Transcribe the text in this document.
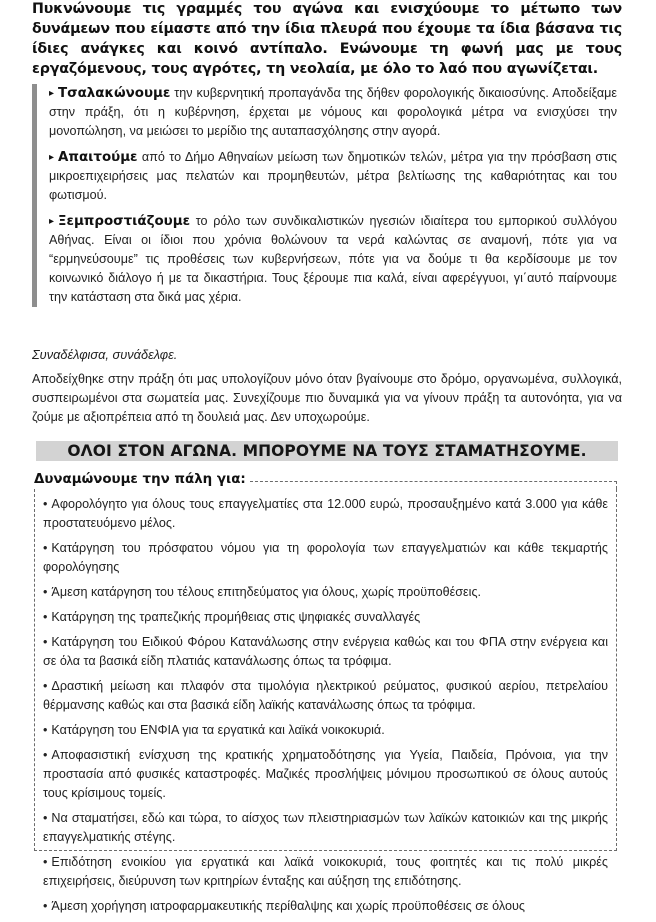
Πυκνώνουμε τις γραμμές του αγώνα και ενισχύουμε το μέτωπο των δυνάμεων που είμαστε από την ίδια πλευρά που έχουμε τα ίδια βάσανα τις ίδιες ανάγκες και κοινό αντίπαλο. Ενώνουμε τη φωνή μας με τους εργαζόμενους, τους αγρότες, τη νεολαία, με όλο το λαό που αγωνίζεται.

▸ Τσαλακώνουμε την κυβερνητική προπαγάνδα της δήθεν φορολογικής δικαιοσύνης. Αποδείξαμε στην πράξη, ότι η κυβέρνηση, έρχεται με νόμους και φορολογικά μέτρα να ενισχύσει την μονοπώληση, να μειώσει το μερίδιο της αυταπασχόλησης στην αγορά.

▸ Απαιτούμε από το Δήμο Αθηναίων μείωση των δημοτικών τελών, μέτρα για την πρόσβαση στις μικροεπιχειρήσεις μας πελατών και προμηθευτών, μέτρα βελτίωσης της καθαριότητας και του φωτισμού.

▸ Ξεμπροστιάζουμε το ρόλο των συνδικαλιστικών ηγεσιών ιδιαίτερα του εμπορικού συλλόγου Αθήνας. Είναι οι ίδιοι που χρόνια θολώνουν τα νερά καλώντας σε αναμονή, πότε για να “ερμηνεύσουμε” τις προθέσεις των κυβερνήσεων, πότε για να δούμε τι θα κερδίσουμε με τον κοινωνικό διάλογο ή με τα δικαστήρια. Τους ξέρουμε πια καλά, είναι αφερέγγυοι, γι΄αυτό παίρνουμε την κατάσταση στα δικά μας χέρια.

Συναδέλφισα, συνάδελφε.

Αποδείχθηκε στην πράξη ότι μας υπολογίζουν μόνο όταν βγαίνουμε στο δρόμο, οργανωμένα, συλλογικά, συσπειρωμένοι στα σωματεία μας. Συνεχίζουμε πιο δυναμικά για να γίνουν πράξη τα αυτονόητα, για να ζούμε με αξιοπρέπεια από τη δουλειά μας. Δεν υποχωρούμε.

ΟΛΟΙ ΣΤΟΝ ΑΓΩΝΑ. ΜΠΟΡΟΥΜΕ ΝΑ ΤΟΥΣ ΣΤΑΜΑΤΗΣΟΥΜΕ.
Δυναμώνουμε την πάλη για:

• Αφορολόγητο για όλους τους επαγγελματίες στα 12.000 ευρώ, προσαυξημένο κατά 3.000 για κάθε προστατευόμενο μέλος.

• Κατάργηση του πρόσφατου νόμου για τη φορολογία των επαγγελματιών και κάθε τεκμαρτής φορολόγησης

• Άμεση κατάργηση του τέλους επιτηδεύματος για όλους, χωρίς προϋποθέσεις.

• Κατάργηση της τραπεζικής προμήθειας στις ψηφιακές συναλλαγές

• Κατάργηση του Ειδικού Φόρου Κατανάλωσης στην ενέργεια καθώς και του ΦΠΑ στην ενέργεια και σε όλα τα βασικά είδη πλατιάς κατανάλωσης όπως τα τρόφιμα.

• Δραστική μείωση και πλαφόν στα τιμολόγια ηλεκτρικού ρεύματος, φυσικού αερίου, πετρελαίου θέρμανσης καθώς και στα βασικά είδη λαϊκής κατανάλωσης όπως τα τρόφιμα.

• Κατάργηση του ΕΝΦΙΑ για τα εργατικά και λαϊκά νοικοκυριά.

• Αποφασιστική ενίσχυση της κρατικής χρηματοδότησης για Υγεία, Παιδεία, Πρόνοια, για την προστασία από φυσικές καταστροφές. Μαζικές προσλήψεις μόνιμου προσωπικού σε όλους αυτούς τους κρίσιμους τομείς.

• Να σταματήσει, εδώ και τώρα, το αίσχος των πλειστηριασμών των λαϊκών κατοικιών και της μικρής επαγγελματικής στέγης.

• Επιδότηση ενοικίου για εργατικά και λαϊκά νοικοκυριά, τους φοιτητές και τις πολύ μικρές επιχειρήσεις, διεύρυνση των κριτηρίων ένταξης και αύξηση της επιδότησης.

• Άμεση χορήγηση ιατροφαρμακευτικής περίθαλψης και χωρίς προϋποθέσεις σε όλους
